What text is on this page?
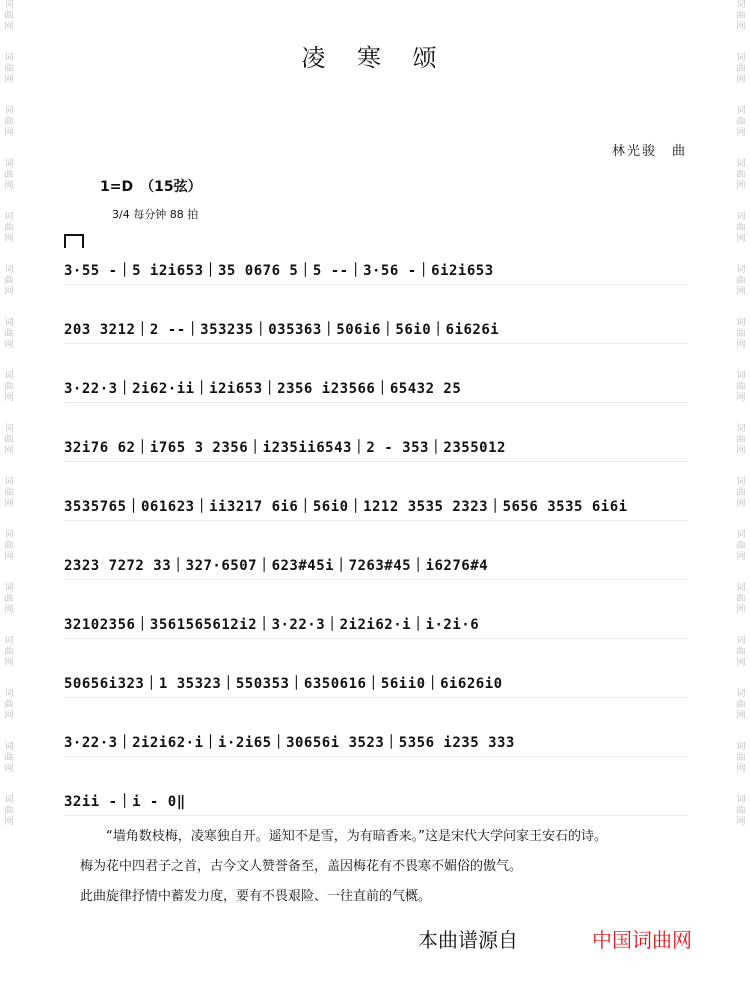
词
曲
网
词
曲
网
词
曲
网
词
曲
网
词
曲
网
词
曲
网
词
曲
网
词
曲
网
词
曲
网
词
曲
网
词
曲
网
词
曲
网
词
曲
网
词
曲
网
词
曲
网
词
曲
网
词
曲
网
词
曲
网
词
曲
网
词
曲
网
词
曲
网
词
曲
网
词
曲
网
词
曲
网
词
曲
网
词
曲
网
词
曲
网
词
曲
网
词
曲
网
词
曲
网
词
曲
网
词
曲
网
凌 寒 颂
林光骏　曲
1=D　（15弦）
3/4 每分钟 88 拍
3·55 -｜5 i2i653｜35 0676 5｜5 --｜3·56 -｜6i2i653
203 3212｜2 --｜353235｜035363｜506i6｜56i0｜6i626i
3·22·3｜2i62·ii｜i2i653｜2356 i23566｜65432 25
32i76 62｜i765 3 2356｜i235ii6543｜2 - 353｜2355012
3535765｜061623｜ii3217 6i6｜56i0｜1212 3535 2323｜5656 3535 6i6i
2323 7272 33｜327·6507｜623#45i｜7263#45｜i6276#4
32102356｜3561565612i2｜3·22·3｜2i2i62·i｜i·2i·6
50656i323｜1 35323｜550353｜6350616｜56ii0｜6i626i0
3·22·3｜2i2i62·i｜i·2i65｜30656i 3523｜5356 i235 333
32ii -｜i - 0‖

“墙角数枝梅，凌寒独自开。遥知不是雪，为有暗香来。”这是宋代大学问家王安石的诗。

梅为花中四君子之首，古今文人赞誉备至，盖因梅花有不畏寒不媚俗的傲气。

此曲旋律抒情中蓄发力度，要有不畏艰险、一往直前的气概。

本曲谱源自	中国词曲网
